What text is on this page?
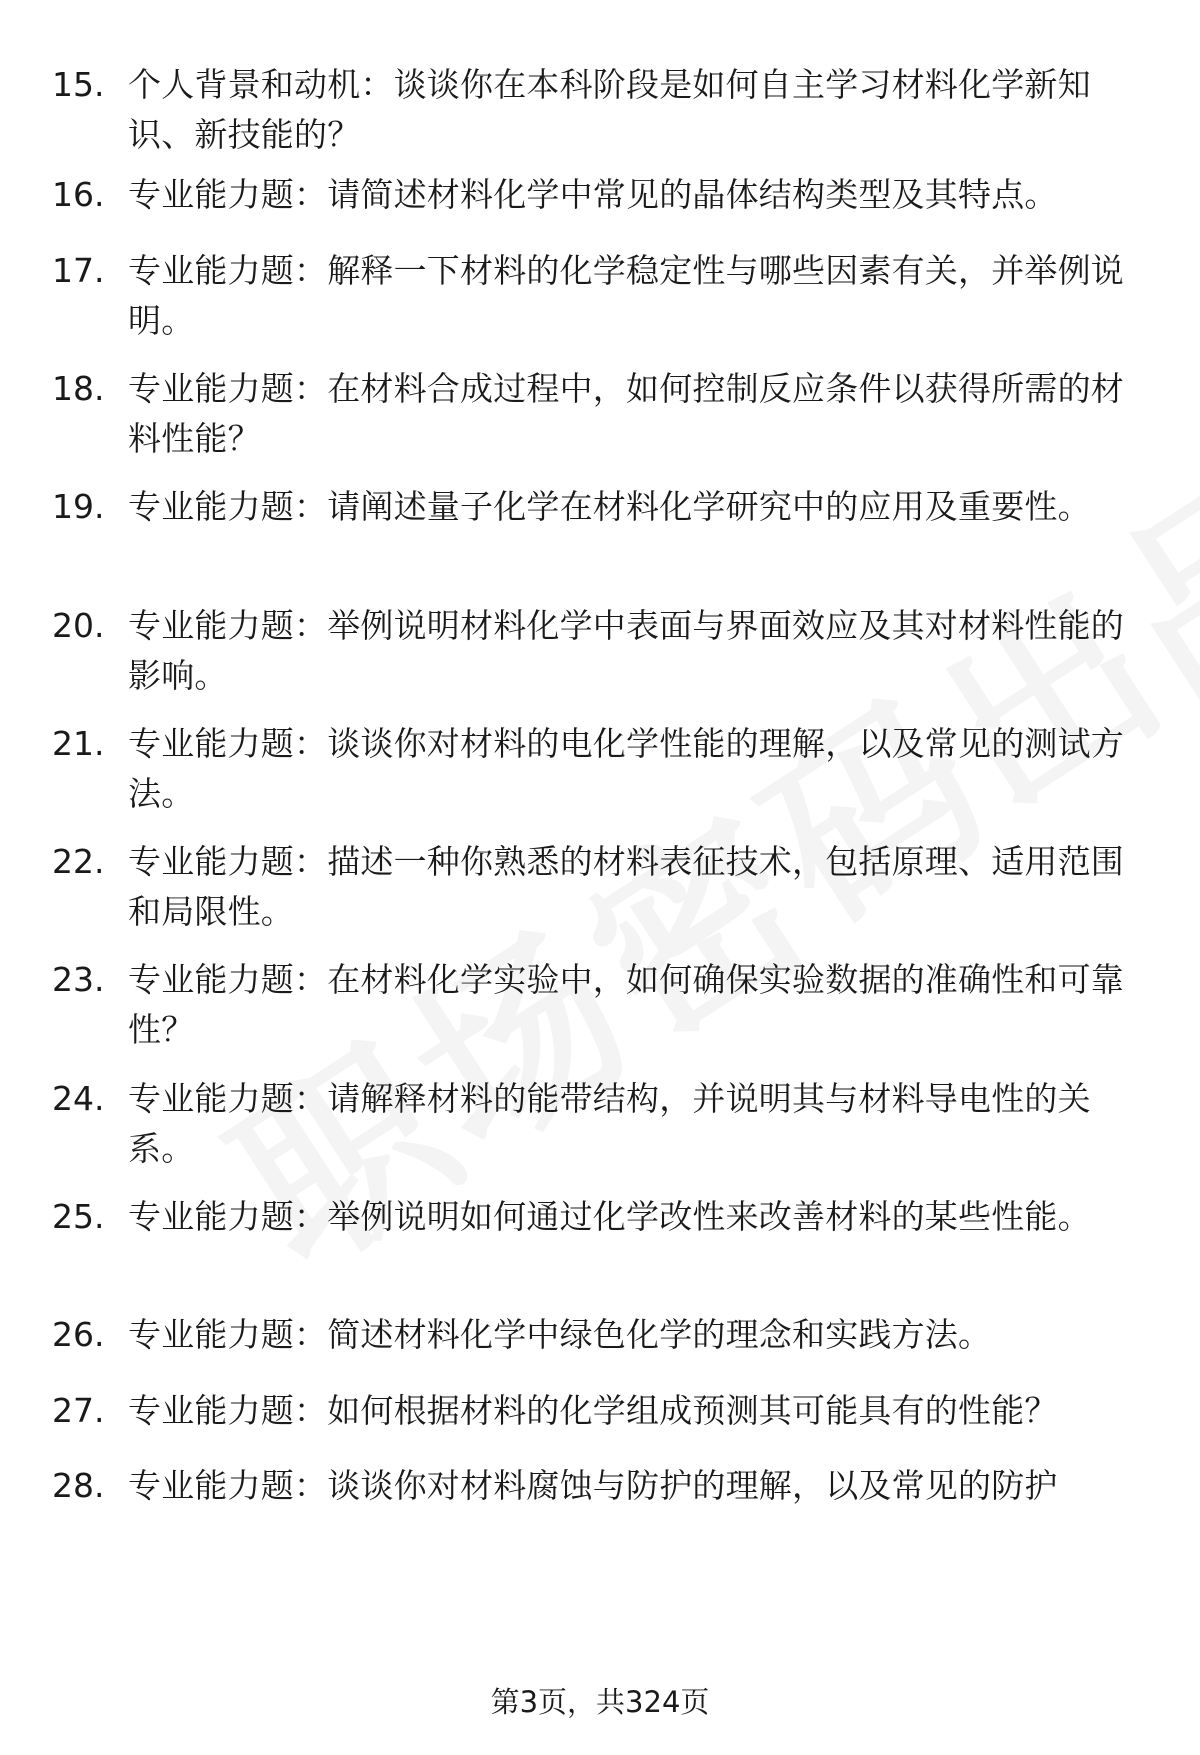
15. 个人背景和动机：谈谈你在本科阶段是如何自主学习材料化学新知识、新技能的？
16. 专业能力题：请简述材料化学中常见的晶体结构类型及其特点。
17. 专业能力题：解释一下材料的化学稳定性与哪些因素有关，并举例说明。
18. 专业能力题：在材料合成过程中，如何控制反应条件以获得所需的材料性能？
19. 专业能力题：请阐述量子化学在材料化学研究中的应用及重要性。
20. 专业能力题：举例说明材料化学中表面与界面效应及其对材料性能的影响。
21. 专业能力题：谈谈你对材料的电化学性能的理解，以及常见的测试方法。
22. 专业能力题：描述一种你熟悉的材料表征技术，包括原理、适用范围和局限性。
23. 专业能力题：在材料化学实验中，如何确保实验数据的准确性和可靠性？
24. 专业能力题：请解释材料的能带结构，并说明其与材料导电性的关系。
25. 专业能力题：举例说明如何通过化学改性来改善材料的某些性能。
26. 专业能力题：简述材料化学中绿色化学的理念和实践方法。
27. 专业能力题：如何根据材料的化学组成预测其可能具有的性能？
28. 专业能力题：谈谈你对材料腐蚀与防护的理解，以及常见的防护
第3页，共324页
